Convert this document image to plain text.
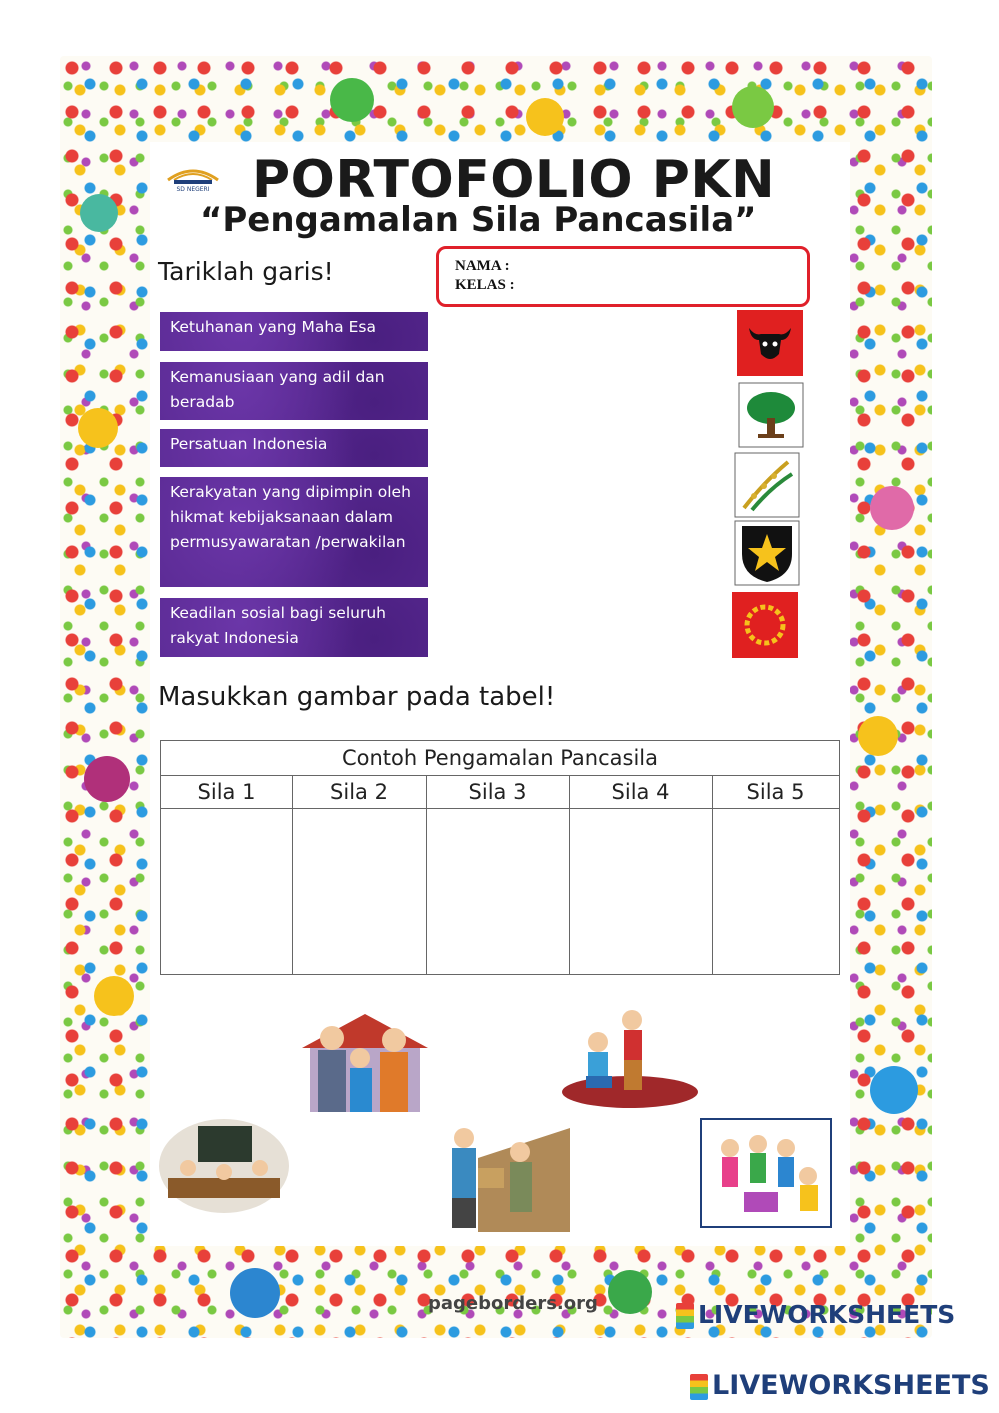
SD NEGERI PORTOFOLIO PKN
“Pengamalan Sila Pancasila”
NAMA :
KELAS :
Tariklah garis!
Ketuhanan yang Maha Esa
Kemanusiaan yang adil dan beradab
Persatuan Indonesia
Kerakyatan yang dipimpin oleh hikmat kebijaksanaan dalam permusyawaratan /perwakilan
Keadilan sosial bagi seluruh rakyat Indonesia
Masukkan gambar pada tabel!
Contoh Pengamalan Pancasila
Sila 1	Sila 2	Sila 3	Sila 4	Sila 5
pageborders.org	LIVEWORKSHEETS
LIVEWORKSHEETS
